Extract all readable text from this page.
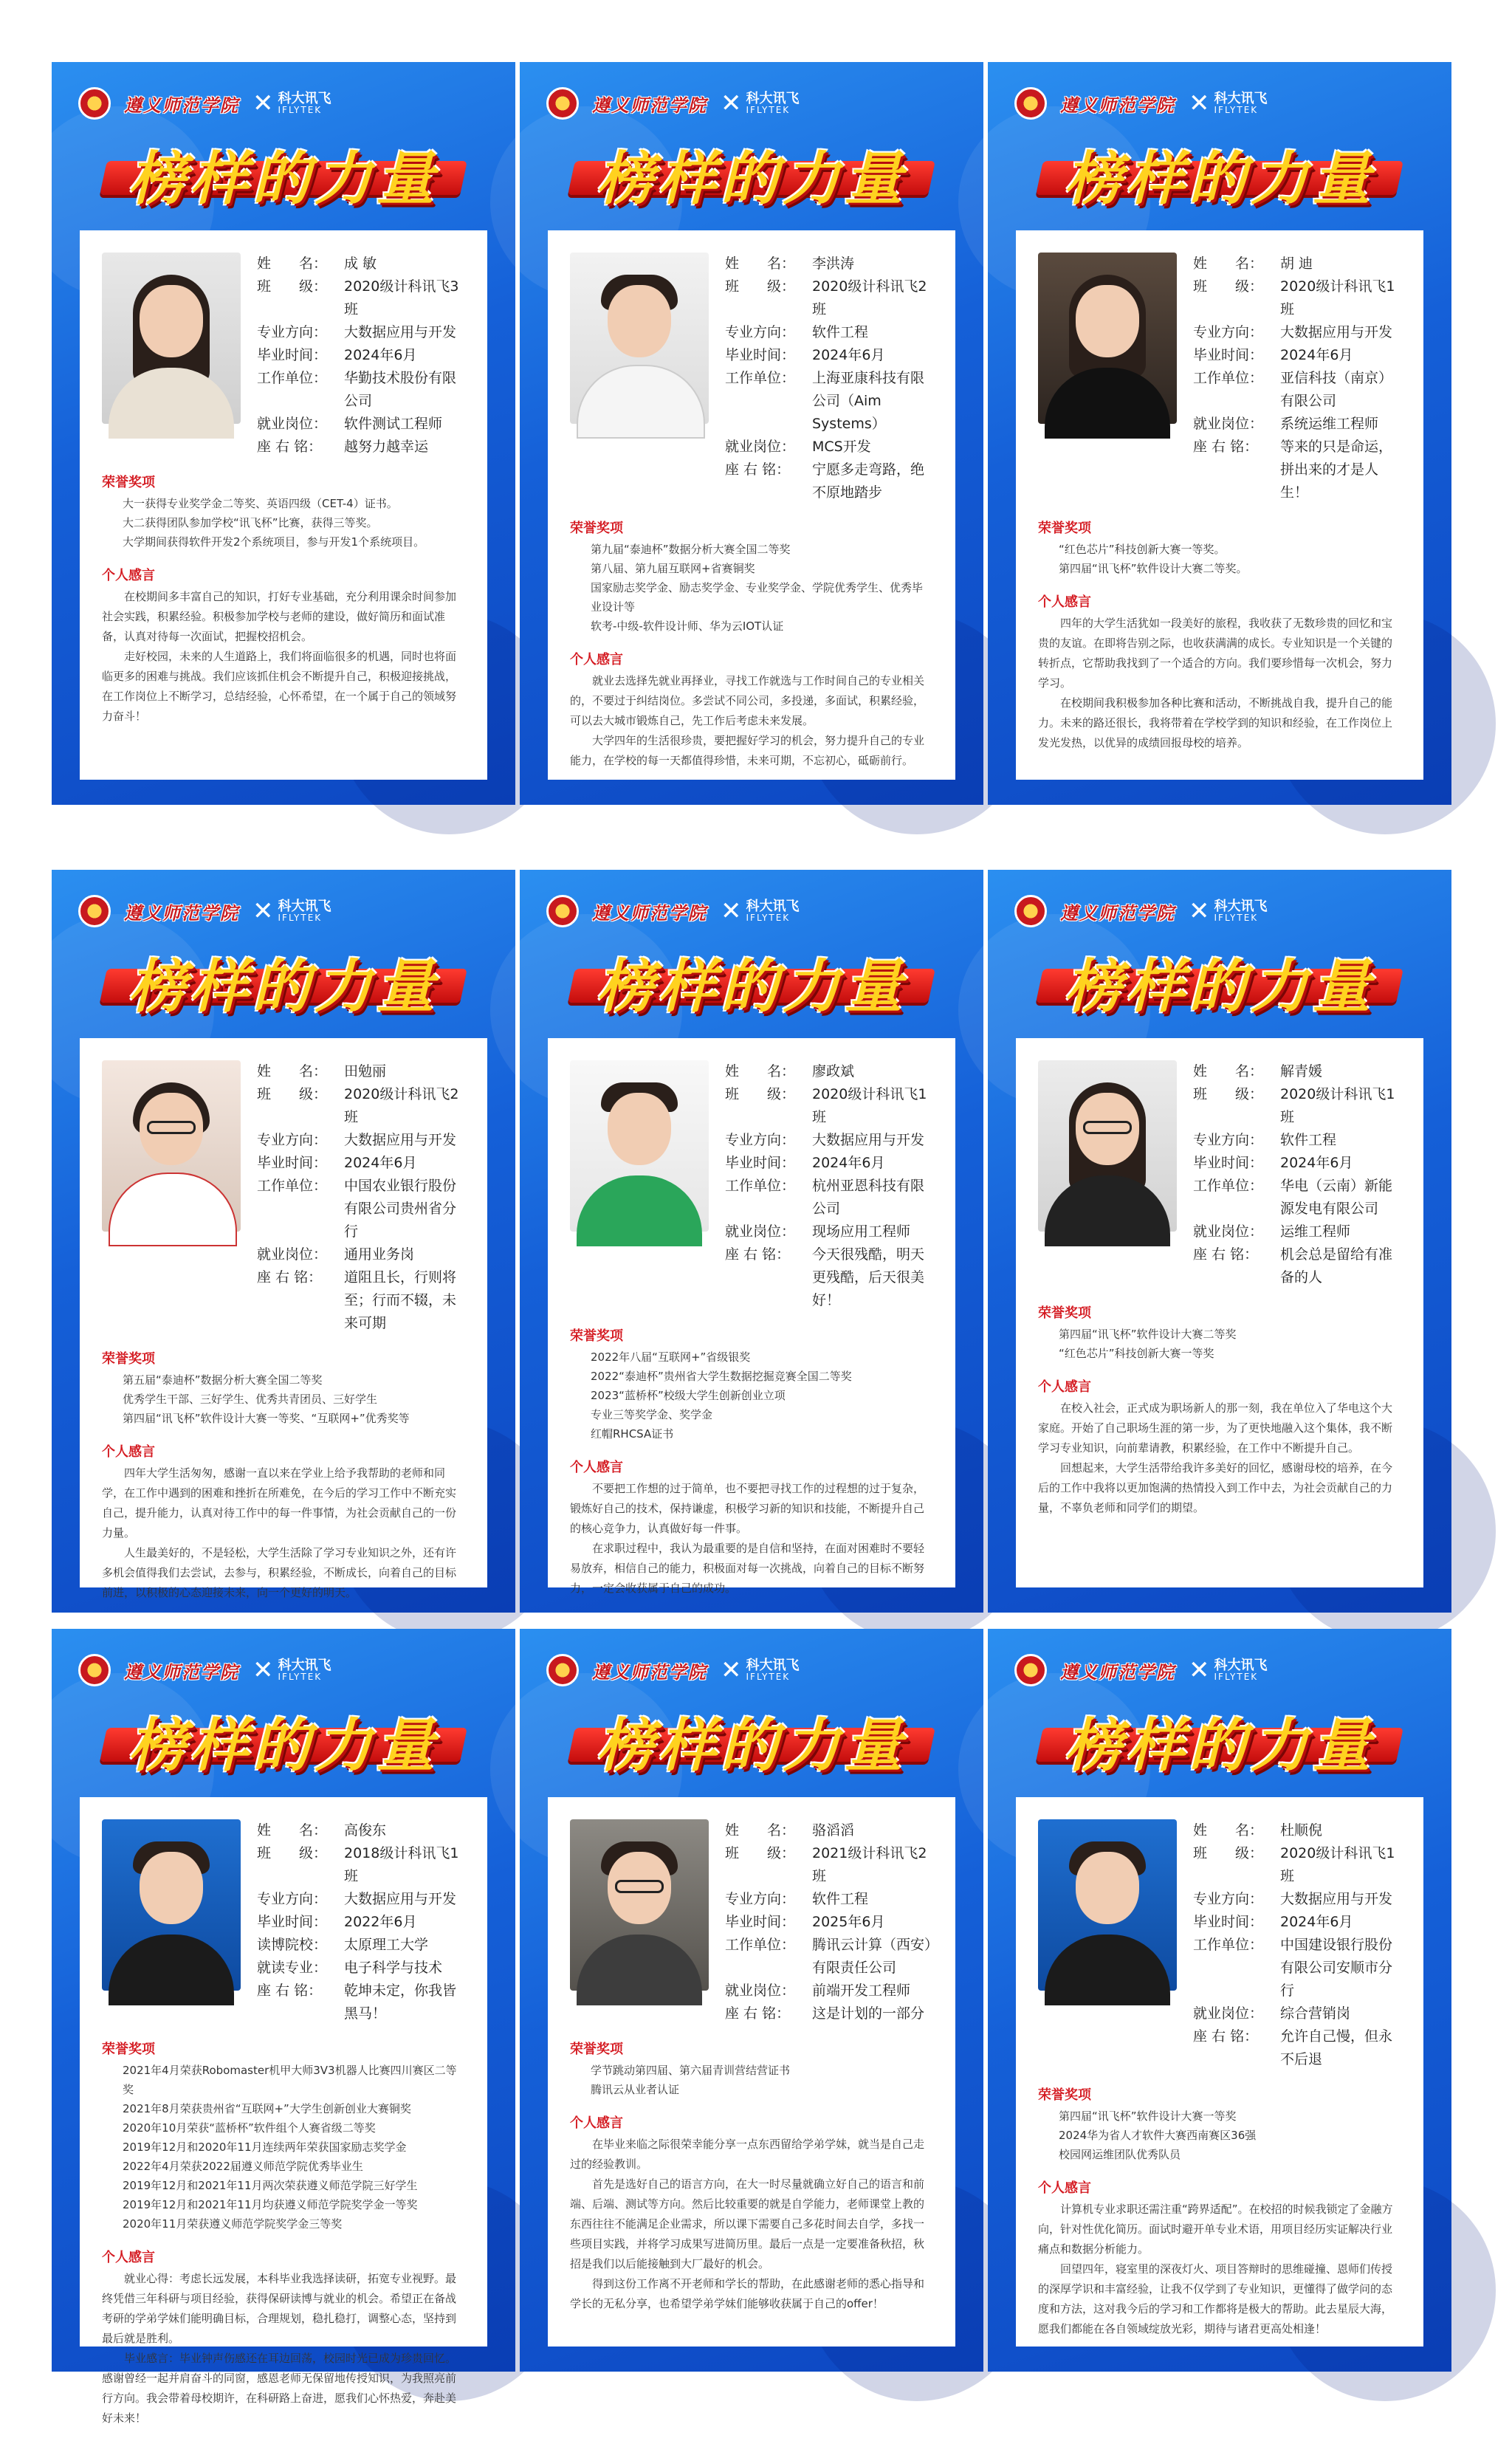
遵义师范学院 ✕ 科大讯飞
IFLYTEK
榜样的力量
姓　　名：	成 敏
班　　级：	2020级计科讯飞3班
专业方向：	大数据应用与开发
毕业时间：	2024年6月
工作单位：	华勤技术股份有限公司
就业岗位：	软件测试工程师
座 右 铭：	越努力越幸运
荣誉奖项
大一获得专业奖学金二等奖、英语四级（CET-4）证书。
大二获得团队参加学校“讯飞杯”比赛，获得三等奖。
大学期间获得软件开发2个系统项目，参与开发1个系统项目。
个人感言

在校期间多丰富自己的知识，打好专业基础，充分利用课余时间参加社会实践，积累经验。积极参加学校与老师的建设，做好简历和面试准备，认真对待每一次面试，把握校招机会。

走好校园，未来的人生道路上，我们将面临很多的机遇，同时也将面临更多的困难与挑战。我们应该抓住机会不断提升自己，积极迎接挑战，在工作岗位上不断学习，总结经验，心怀希望，在一个属于自己的领域努力奋斗！

遵义师范学院 ✕ 科大讯飞
IFLYTEK
榜样的力量
姓　　名：	李洪涛
班　　级：	2020级计科讯飞2班
专业方向：	软件工程
毕业时间：	2024年6月
工作单位：	上海亚康科技有限公司（Aim Systems）
就业岗位：	MCS开发
座 右 铭：	宁愿多走弯路，绝不原地踏步
荣誉奖项
第九届“泰迪杯”数据分析大赛全国二等奖
第八届、第九届互联网+省赛铜奖
国家励志奖学金、励志奖学金、专业奖学金、学院优秀学生、优秀毕业设计等
软考-中级-软件设计师、华为云IOT认证
个人感言

就业去选择先就业再择业，寻找工作就选与工作时间自己的专业相关的，不要过于纠结岗位。多尝试不同公司，多投递，多面试，积累经验，可以去大城市锻炼自己，先工作后考虑未来发展。

大学四年的生活很珍贵，要把握好学习的机会，努力提升自己的专业能力，在学校的每一天都值得珍惜，未来可期，不忘初心，砥砺前行。

遵义师范学院 ✕ 科大讯飞
IFLYTEK
榜样的力量
姓　　名：	胡 迪
班　　级：	2020级计科讯飞1班
专业方向：	大数据应用与开发
毕业时间：	2024年6月
工作单位：	亚信科技（南京）有限公司
就业岗位：	系统运维工程师
座 右 铭：	等来的只是命运，拼出来的才是人生！
荣誉奖项
“红色芯片”科技创新大赛一等奖。
第四届“讯飞杯”软件设计大赛二等奖。
个人感言

四年的大学生活犹如一段美好的旅程，我收获了无数珍贵的回忆和宝贵的友谊。在即将告别之际，也收获满满的成长。专业知识是一个关键的转折点，它帮助我找到了一个适合的方向。我们要珍惜每一次机会，努力学习。

在校期间我积极参加各种比赛和活动，不断挑战自我，提升自己的能力。未来的路还很长，我将带着在学校学到的知识和经验，在工作岗位上发光发热，以优异的成绩回报母校的培养。

遵义师范学院 ✕ 科大讯飞
IFLYTEK
榜样的力量
姓　　名：	田勉丽
班　　级：	2020级计科讯飞2班
专业方向：	大数据应用与开发
毕业时间：	2024年6月
工作单位：	中国农业银行股份有限公司贵州省分行
就业岗位：	通用业务岗
座 右 铭：	道阻且长，行则将至；行而不辍，未来可期
荣誉奖项
第五届“泰迪杯”数据分析大赛全国二等奖
优秀学生干部、三好学生、优秀共青团员、三好学生
第四届“讯飞杯”软件设计大赛一等奖、“互联网+”优秀奖等
个人感言

四年大学生活匆匆，感谢一直以来在学业上给予我帮助的老师和同学，在工作中遇到的困难和挫折在所难免，在今后的学习工作中不断充实自己，提升能力，认真对待工作中的每一件事情，为社会贡献自己的一份力量。

人生最美好的，不是轻松，大学生活除了学习专业知识之外，还有许多机会值得我们去尝试，去参与，积累经验，不断成长，向着自己的目标前进，以积极的心态迎接未来，向一个更好的明天。

遵义师范学院 ✕ 科大讯飞
IFLYTEK
榜样的力量
姓　　名：	廖政斌
班　　级：	2020级计科讯飞1班
专业方向：	大数据应用与开发
毕业时间：	2024年6月
工作单位：	杭州亚恩科技有限公司
就业岗位：	现场应用工程师
座 右 铭：	今天很残酷，明天更残酷，后天很美好！
荣誉奖项
2022年八届“互联网+”省级银奖
2022“泰迪杯”贵州省大学生数据挖掘竞赛全国二等奖
2023“蓝桥杯”校级大学生创新创业立项
专业三等奖学金、奖学金
红帽RHCSA证书
个人感言

不要把工作想的过于简单，也不要把寻找工作的过程想的过于复杂，锻炼好自己的技术，保持谦虚，积极学习新的知识和技能，不断提升自己的核心竞争力，认真做好每一件事。

在求职过程中，我认为最重要的是自信和坚持，在面对困难时不要轻易放弃，相信自己的能力，积极面对每一次挑战，向着自己的目标不断努力，一定会收获属于自己的成功。

遵义师范学院 ✕ 科大讯飞
IFLYTEK
榜样的力量
姓　　名：	解青媛
班　　级：	2020级计科讯飞1班
专业方向：	软件工程
毕业时间：	2024年6月
工作单位：	华电（云南）新能源发电有限公司
就业岗位：	运维工程师
座 右 铭：	机会总是留给有准备的人
荣誉奖项
第四届“讯飞杯”软件设计大赛二等奖
“红色芯片”科技创新大赛一等奖
个人感言

在校入社会，正式成为职场新人的那一刻，我在单位入了华电这个大家庭。开始了自己职场生涯的第一步，为了更快地融入这个集体，我不断学习专业知识，向前辈请教，积累经验，在工作中不断提升自己。

回想起来，大学生活带给我许多美好的回忆，感谢母校的培养，在今后的工作中我将以更加饱满的热情投入到工作中去，为社会贡献自己的力量，不辜负老师和同学们的期望。

遵义师范学院 ✕ 科大讯飞
IFLYTEK
榜样的力量
姓　　名：	高俊东
班　　级：	2018级计科讯飞1班
专业方向：	大数据应用与开发
毕业时间：	2022年6月
读博院校：	太原理工大学
就读专业：	电子科学与技术
座 右 铭：	乾坤未定，你我皆黑马！
荣誉奖项
2021年4月荣获Robomaster机甲大师3V3机器人比赛四川赛区二等奖
2021年8月荣获贵州省“互联网+”大学生创新创业大赛铜奖
2020年10月荣获“蓝桥杯”软件组个人赛省级二等奖
2019年12月和2020年11月连续两年荣获国家励志奖学金
2022年4月荣获2022届遵义师范学院优秀毕业生
2019年12月和2021年11月两次荣获遵义师范学院三好学生
2019年12月和2021年11月均获遵义师范学院奖学金一等奖
2020年11月荣获遵义师范学院奖学金三等奖
个人感言

就业心得：考虑长远发展，本科毕业我选择读研，拓宽专业视野。最终凭借三年科研与项目经验，获得保研读博与就业的机会。希望正在备战考研的学弟学妹们能明确目标，合理规划，稳扎稳打，调整心态，坚持到最后就是胜利。

毕业感言：毕业钟声伤感还在耳边回荡，校园时光已成为珍贵回忆。感谢曾经一起并肩奋斗的同窗，感恩老师无保留地传授知识，为我照亮前行方向。我会带着母校期许，在科研路上奋进，愿我们心怀热爱，奔赴美好未来！

遵义师范学院 ✕ 科大讯飞
IFLYTEK
榜样的力量
姓　　名：	骆滔滔
班　　级：	2021级计科讯飞2班
专业方向：	软件工程
毕业时间：	2025年6月
工作单位：	腾讯云计算（西安）有限责任公司
就业岗位：	前端开发工程师
座 右 铭：	这是计划的一部分
荣誉奖项
学节跳动第四届、第六届青训营结营证书
腾讯云从业者认证
个人感言

在毕业来临之际很荣幸能分享一点东西留给学弟学妹，就当是自己走过的经验教训。

首先是选好自己的语言方向，在大一时尽量就确立好自己的语言和前端、后端、测试等方向。然后比较重要的就是自学能力，老师课堂上教的东西往往不能满足企业需求，所以课下需要自己多花时间去自学，多找一些项目实践，并将学习成果写进简历里。最后一点是一定要准备秋招，秋招是我们以后能接触到大厂最好的机会。

得到这份工作离不开老师和学长的帮助，在此感谢老师的悉心指导和学长的无私分享，也希望学弟学妹们能够收获属于自己的offer！

遵义师范学院 ✕ 科大讯飞
IFLYTEK
榜样的力量
姓　　名：	杜顺倪
班　　级：	2020级计科讯飞1班
专业方向：	大数据应用与开发
毕业时间：	2024年6月
工作单位：	中国建设银行股份有限公司安顺市分行
就业岗位：	综合营销岗
座 右 铭：	允许自己慢，但永不后退
荣誉奖项
第四届“讯飞杯”软件设计大赛一等奖
2024华为省人才软件大赛西南赛区36强
校园网运维团队优秀队员
个人感言

计算机专业求职还需注重“跨界适配”。在校招的时候我锁定了金融方向，针对性优化简历。面试时避开单专业术语，用项目经历实证解决行业痛点和数据分析能力。

回望四年，寝室里的深夜灯火、项目答辩时的思维碰撞、恩师们传授的深厚学识和丰富经验，让我不仅学到了专业知识，更懂得了做学问的态度和方法，这对我今后的学习和工作都将是极大的帮助。此去星辰大海，愿我们都能在各自领域绽放光彩，期待与诸君更高处相逢！
